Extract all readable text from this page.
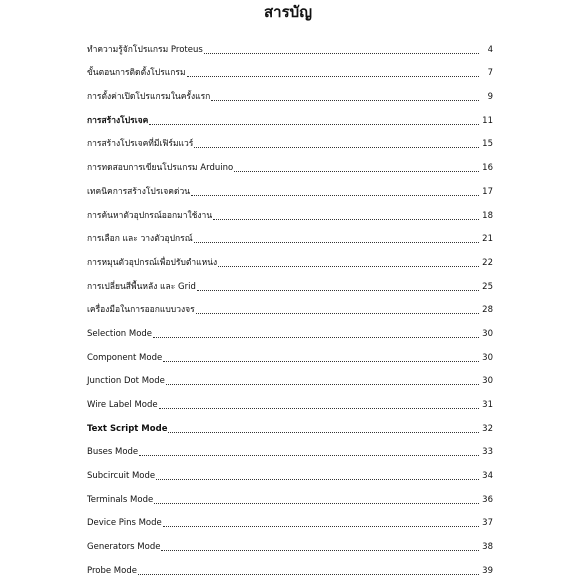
สารบัญ
ทำความรู้จักโปรแกรม Proteus	4
ขั้นตอนการติดตั้งโปรแกรม	7
การตั้งค่าเปิดโปรแกรมในครั้งแรก	9
การสร้างโปรเจค	11
การสร้างโปรเจคที่มีเฟิร์มแวร์	15
การทดสอบการเขียนโปรแกรม Arduino	16
เทคนิคการสร้างโปรเจคด่วน	17
การค้นหาตัวอุปกรณ์ออกมาใช้งาน	18
การเลือก และ วางตัวอุปกรณ์	21
การหมุนตัวอุปกรณ์เพื่อปรับตำแหน่ง	22
การเปลี่ยนสีพื้นหลัง และ Grid	25
เครื่องมือในการออกแบบวงจร	28
Selection Mode	30
Component Mode	30
Junction Dot Mode	30
Wire Label Mode	31
Text Script Mode	32
Buses Mode	33
Subcircuit Mode	34
Terminals Mode	36
Device Pins Mode	37
Generators Mode	38
Probe Mode	39
